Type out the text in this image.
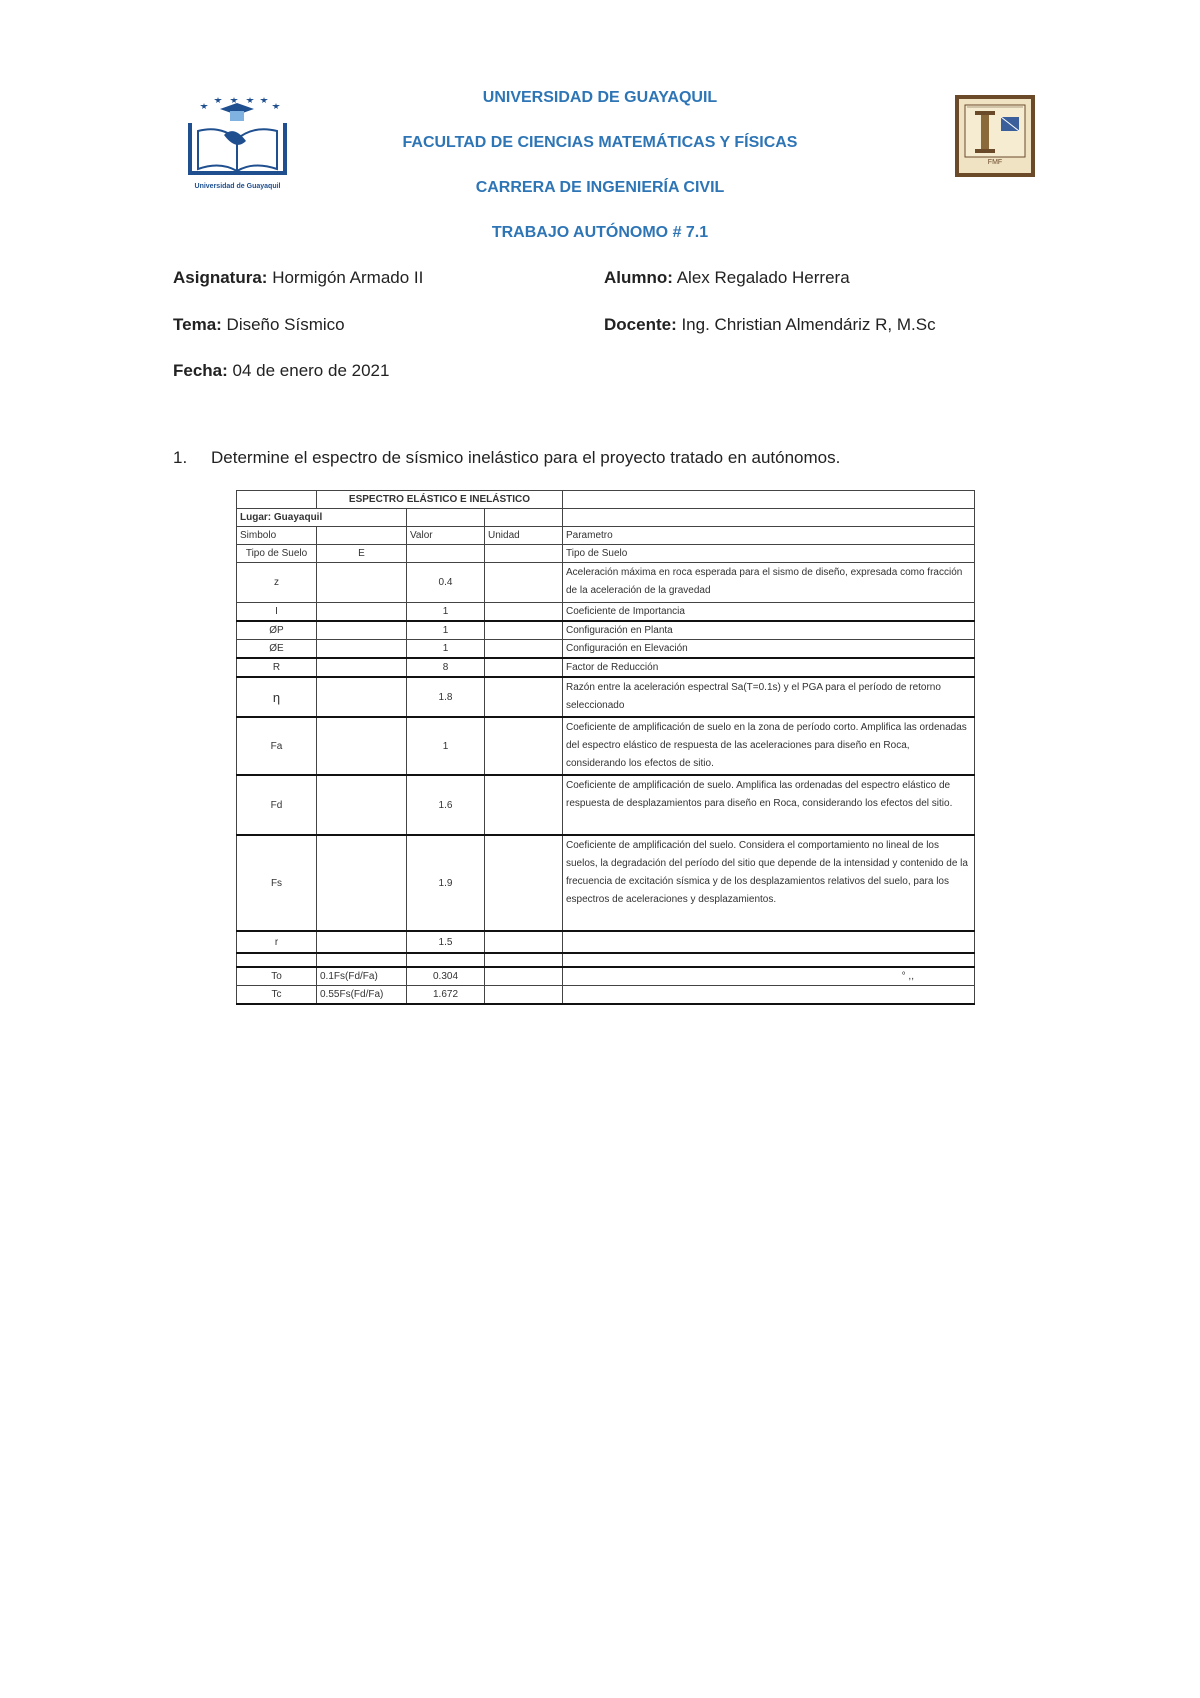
Universidad de Guayaquil
FMF
UNIVERSIDAD DE GUAYAQUIL
FACULTAD DE CIENCIAS MATEMÁTICAS Y FÍSICAS
CARRERA DE INGENIERÍA CIVIL
TRABAJO AUTÓNOMO # 7.1
Asignatura: Hormigón Armado II	Alumno: Alex Regalado Herrera
Tema: Diseño Sísmico	Docente: Ing. Christian Almendáriz R, M.Sc
Fecha: 04 de enero de 2021
1. Determine el espectro de sísmico inelástico para el proyecto tratado en autónomos.
	ESPECTRO ELÁSTICO E INELÁSTICO			
Lugar: Guayaquil				
Simbolo		Valor	Unidad	Parametro
Tipo de Suelo	E			Tipo de Suelo
z		0.4		Aceleración máxima en roca esperada para el sismo de diseño, expresada como fracción de la aceleración de la gravedad
I		1		Coeficiente de Importancia
ØP		1		Configuración en Planta
ØE		1		Configuración en Elevación
R		8		Factor de Reducción
η		1.8		Razón entre la aceleración espectral Sa(T=0.1s) y el PGA para el período de retorno seleccionado
Fa		1		Coeficiente de amplificación de suelo en la zona de período corto. Amplifica las ordenadas del espectro elástico de respuesta de las aceleraciones para diseño en Roca, considerando los efectos de sitio.
Fd		1.6		Coeficiente de amplificación de suelo. Amplifica las ordenadas del espectro elástico de respuesta de desplazamientos para diseño en Roca, considerando los efectos del sitio.
Fs		1.9		Coeficiente de amplificación del suelo. Considera el comportamiento no lineal de los suelos, la degradación del período del sitio que depende de la intensidad y contenido de la frecuencia de excitación sísmica y de los desplazamientos relativos del suelo, para los espectros de aceleraciones y desplazamientos.
r		1.5		

To	0.1Fs(Fd/Fa)	0.304		° ,,
Tc	0.55Fs(Fd/Fa)	1.672		
